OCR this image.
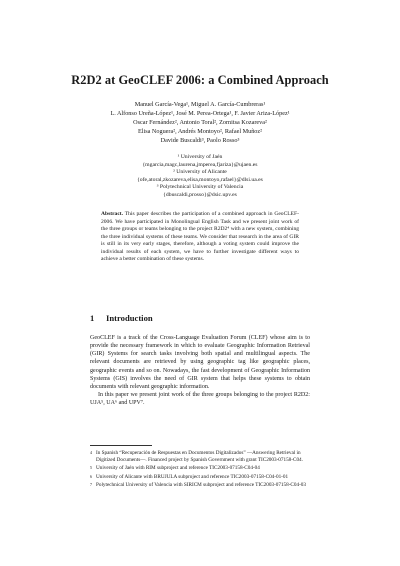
R2D2 at GeoCLEF 2006: a Combined Approach
Manuel García-Vega¹, Miguel A. García-Cumbreras¹
L. Alfonso Ureña-López¹, José M. Perea-Ortega¹, F. Javier Ariza-López¹
Oscar Fernández², Antonio Toral², Zornitsa Kozareva²
Elisa Noguera², Andrés Montoyo², Rafael Muñoz²
Davide Buscaldi³, Paolo Rosso³
¹ University of Jaén
{mgarcia,magc,laurena,jmperea,fjariza}@ujaen.es
² University of Alicante
{ofe,atoral,zkozareva,elisa,montoyo,rafael}@dlsi.ua.es
³ Polytechnical University of Valencia
{dbuscaldi,prosso}@dsic.upv.es
Abstract. This paper describes the participation of a combined approach in GeoCLEF-2006. We have participated in Monolingual English Task and we present joint work of the three groups or teams belonging to the project R2D2⁴ with a new system, combining the three individual systems of these teams. We consider that research in the area of GIR is still in its very early stages, therefore, although a voting system could improve the individual results of each system, we have to further investigate different ways to achieve a better combination of these systems.
1 Introduction

GeoCLEF is a track of the Cross-Language Evaluation Forum (CLEF) whose aim is to provide the necessary framework in which to evaluate Geographic Information Retrieval (GIR) Systems for search tasks involving both spatial and multilingual aspects. The relevant documents are retrieved by using geographic tag like geographic places, geographic events and so on. Nowadays, the fast development of Geographic Information Systems (GIS) involves the need of GIR system that helps these systems to obtain documents with relevant geographic information.

In this paper we present joint work of the three groups belonging to the project R2D2: UJA⁵, UA⁶ and UPV⁷.

4 In Spanish “Recuperación de Respuestas en Documentos Digitalizados” —Answering Retrieval in Digitized Documents—. Financed project by Spanish Government with grant TIC2003-07158-C04.
5 University of Jaén with RIM subproject and reference TIC2003-07158-C04-04
6 University of Alicante with BRUJULA subproject and reference TIC2003-07158-C04-01-01
7 Polytechnical University of Valencia with SIRICM subproject and reference TIC2003-07158-C04-03
